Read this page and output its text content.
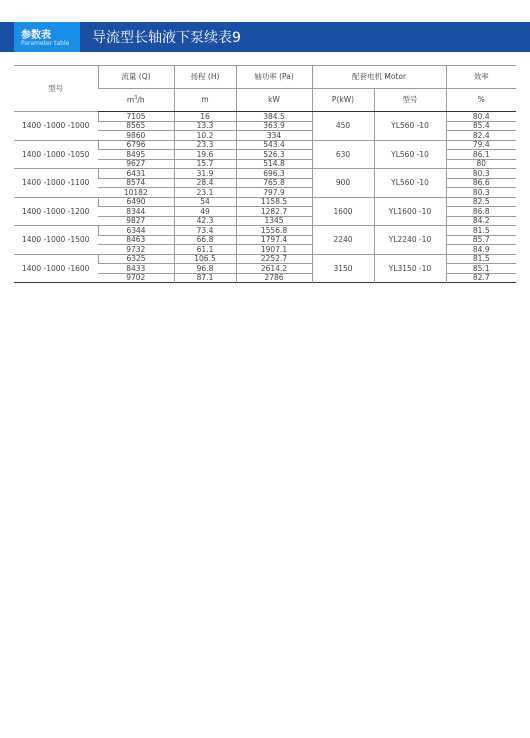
参数表
Parameter table 导流型长轴液下泵续表9
型号	流量 (Q)	扬程 (H)	轴功率 (Pa)	配套电机 Motor		效率
	$m^3/h$	m	kW	P(kW)	型号	%
1400 -1000 -1000	7105	16	384.5	450	YL560 -10	80.4
	8565	13.3	363.9			85.4
	9860	10.2	334			82.4
1400 -1000 -1050	6796	23.3	543.4	630	YL560 -10	79.4
	8495	19.6	526.3			86.1
	9627	15.7	514.8			80
1400 -1000 -1100	6431	31.9	696.3	900	YL560 -10	80.3
	8574	28.4	765.8			86.6
	10182	23.1	797.9			80.3
1400 -1000 -1200	6490	54	1158.5	1600	YL1600 -10	82.5
	8344	49	1282.7			86.8
	9827	42.3	1345			84.2
1400 -1000 -1500	6344	73.4	1556.8	2240	YL2240 -10	81.5
	8463	66.8	1797.4			85.7
	9732	61.1	1907.1			84.9
1400 -1000 -1600	6325	106.5	2252.7	3150	YL3150 -10	81.5
	8433	96.8	2614.2			85.1
	9702	87.1	2786			82.7
